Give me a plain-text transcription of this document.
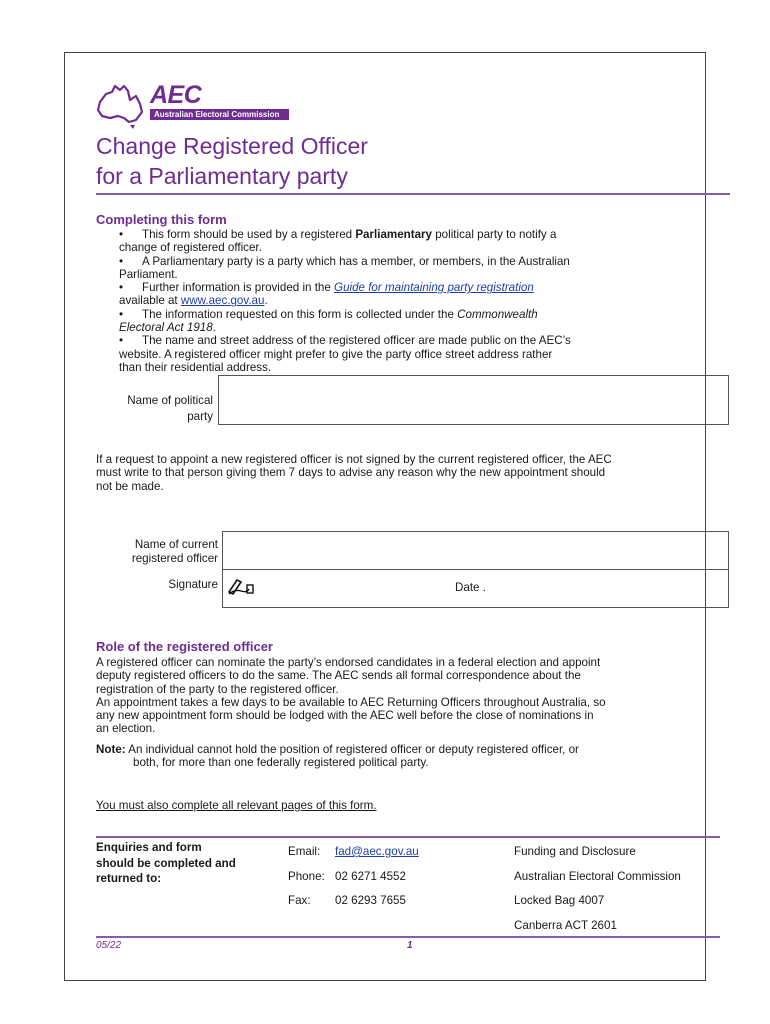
AEC
Australian Electoral Commission
Change Registered Officer
for a Parliamentary party
Completing this form
• This form should be used by a registered Parliamentary political party to notify a
change of registered officer.
• A Parliamentary party is a party which has a member, or members, in the Australian
Parliament.
• Further information is provided in the Guide for maintaining party registration
available at www.aec.gov.au.
• The information requested on this form is collected under the Commonwealth
Electoral Act 1918.
• The name and street address of the registered officer are made public on the AEC’s
website. A registered officer might prefer to give the party office street address rather
than their residential address.
Name of political
party
If a request to appoint a new registered officer is not signed by the current registered officer, the AEC
must write to that person giving them 7 days to advise any reason why the new appointment should
not be made.
Name of current
registered officer
Signature	Date .
Role of the registered officer
A registered officer can nominate the party’s endorsed candidates in a federal election and appoint
deputy registered officers to do the same. The AEC sends all formal correspondence about the
registration of the party to the registered officer.
An appointment takes a few days to be available to AEC Returning Officers throughout Australia, so
any new appointment form should be lodged with the AEC well before the close of nominations in
an election.
Note: An individual cannot hold the position of registered officer or deputy registered officer, or
both, for more than one federally registered political party.
You must also complete all relevant pages of this form.
Enquiries and form
should be completed and
returned to:
Email:
Phone:
Fax:
fad@aec.gov.au
02 6271 4552
02 6293 7655
Funding and Disclosure
Australian Electoral Commission
Locked Bag 4007
Canberra ACT 2601
05/22	1
